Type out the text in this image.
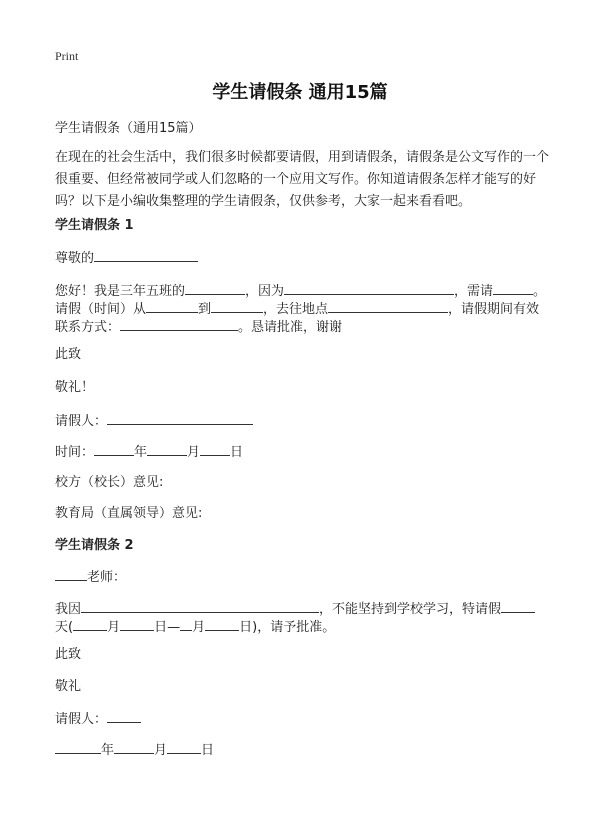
Print
学生请假条 通用15篇
学生请假条（通用15篇）
在现在的社会生活中，我们很多时候都要请假，用到请假条，请假条是公文写作的一个很重要、但经常被同学或人们忽略的一个应用文写作。你知道请假条怎样才能写的好吗？以下是小编收集整理的学生请假条，仅供参考，大家一起来看看吧。
学生请假条 1
尊敬的
您好！我是三年五班的	，因为	，需请	。
请假（时间）从	到	，去往地点	，请假期间有效
联系方式：	。恳请批准，谢谢
此致
敬礼！
请假人：
时间：	年	月 日
校方（校长）意见:
教育局（直属领导）意见:
学生请假条 2
老师：
我因	，不能坚持到学校学习，特请假
天(	月	日— 月	日)，请予批准。
此致
敬礼
请假人：
年	月	日
